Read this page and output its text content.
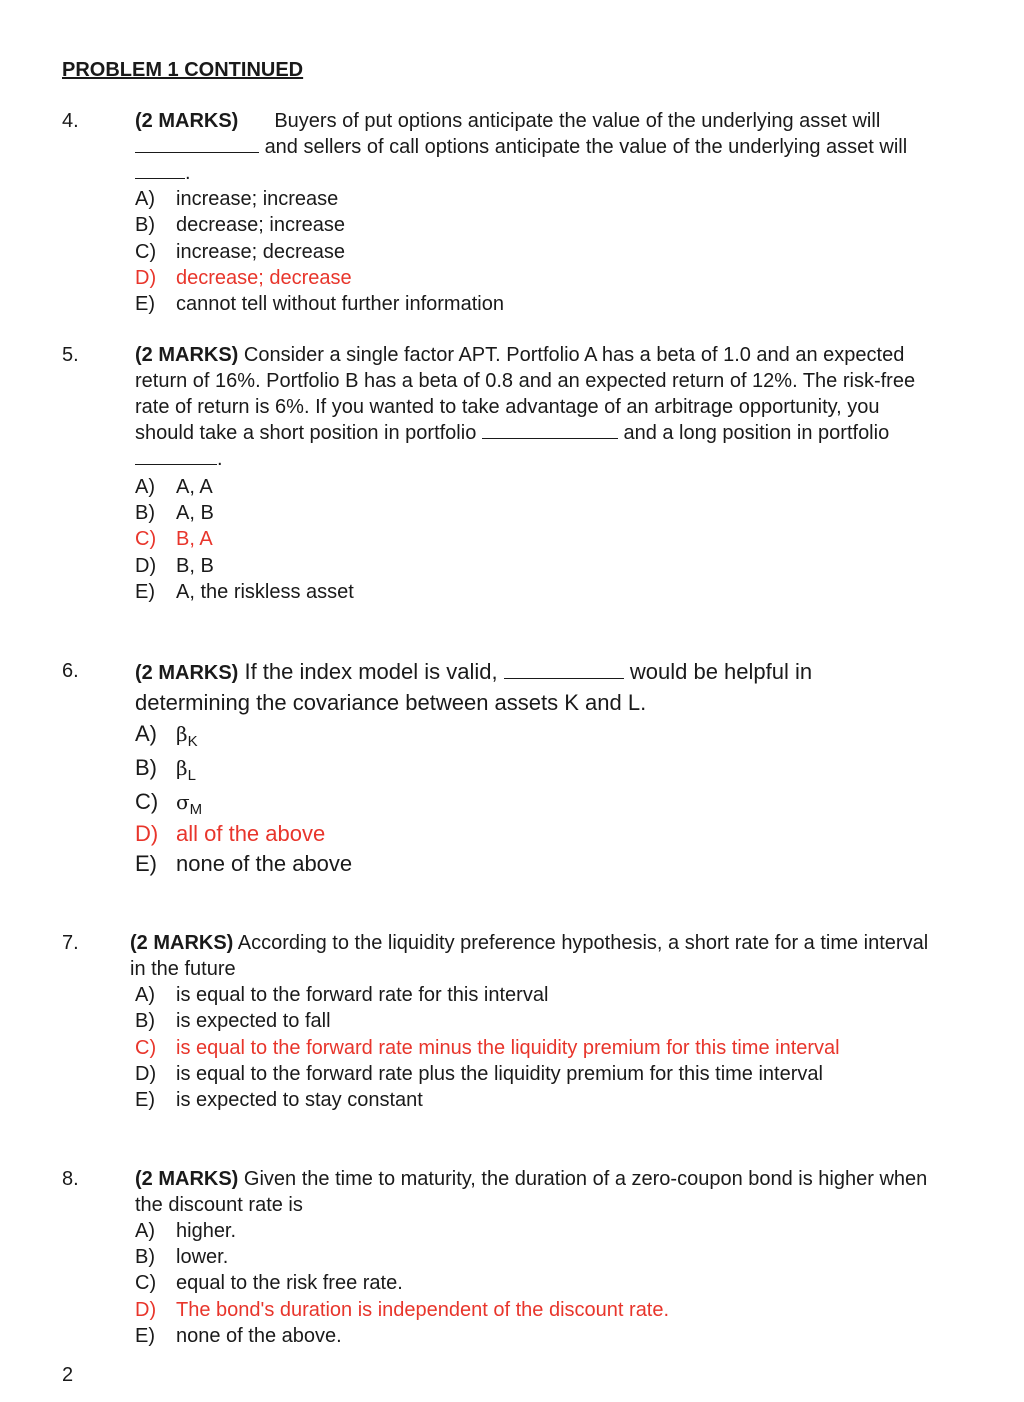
PROBLEM 1 CONTINUED
4.	(2 MARKS) Buyers of put options anticipate the value of the underlying asset will  and sellers of call options anticipate the value of the underlying asset will .
A) increase; increase
B) decrease; increase
C) increase; decrease
D) decrease; decrease
E) cannot tell without further information
5.	(2 MARKS) Consider a single factor APT. Portfolio A has a beta of 1.0 and an expected return of 16%. Portfolio B has a beta of 0.8 and an expected return of 12%. The risk-free rate of return is 6%. If you wanted to take advantage of an arbitrage opportunity, you should take a short position in portfolio	and a long position in portfolio .
A) A, A
B) A, B
C) B, A
D) B, B
E) A, the riskless asset
6.	(2 MARKS) If the index model is valid,	would be helpful in determining the covariance between assets K and L.
A) $\beta_K$
B) $\beta_L$
C) $\sigma_M$
D) all of the above
E) none of the above
7.	(2 MARKS) According to the liquidity preference hypothesis, a short rate for a time interval in the future
A) is equal to the forward rate for this interval
B) is expected to fall
C) is equal to the forward rate minus the liquidity premium for this time interval
D) is equal to the forward rate plus the liquidity premium for this time interval
E) is expected to stay constant
8.	(2 MARKS) Given the time to maturity, the duration of a zero-coupon bond is higher when the discount rate is
A) higher.
B) lower.
C) equal to the risk free rate.
D) The bond's duration is independent of the discount rate.
E) none of the above.

2
